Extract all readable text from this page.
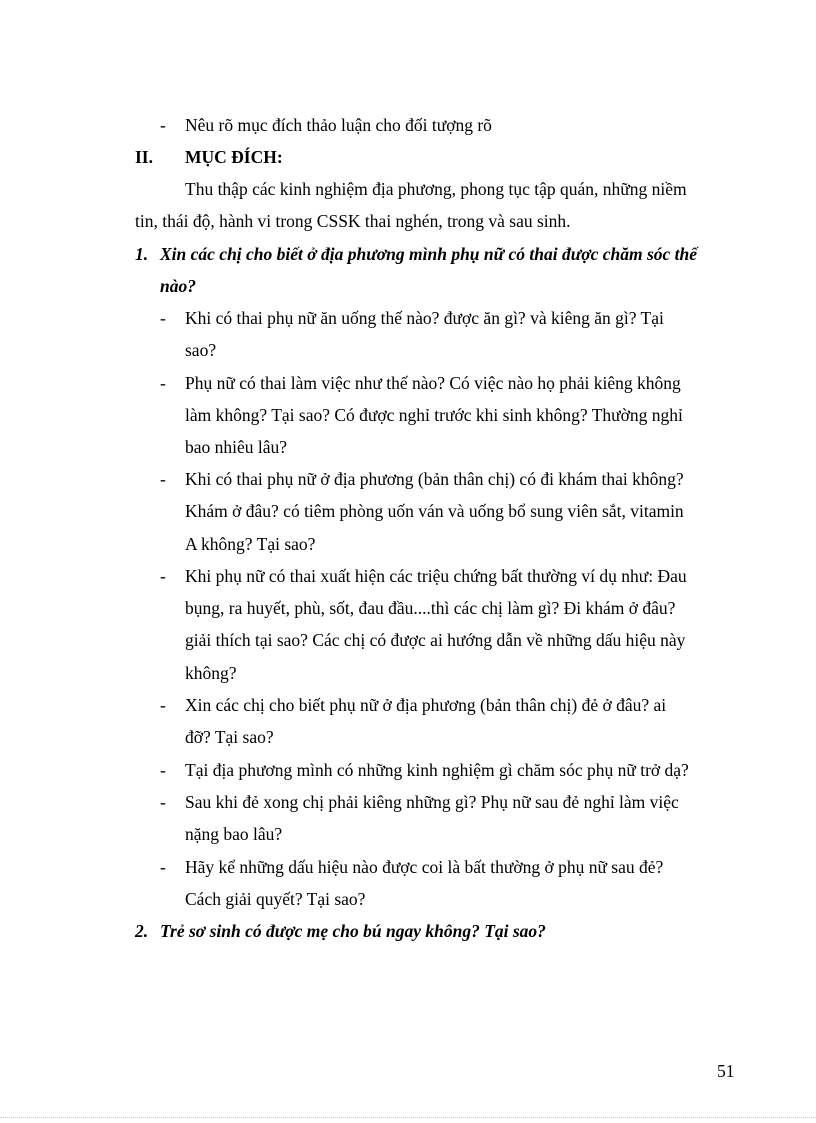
- Nêu rõ mục đích thảo luận cho đối tượng rõ
II. MỤC ĐÍCH:
Thu thập các kinh nghiệm địa phương, phong tục tập quán, những niềm
tin, thái độ, hành vi trong CSSK thai nghén, trong và sau sinh.
1. Xin các chị cho biết ở địa phương mình phụ nữ có thai được chăm sóc thế
nào?
- Khi có thai phụ nữ ăn uống thế nào? được ăn gì? và kiêng ăn gì? Tại
sao?
- Phụ nữ có thai làm việc như thế nào? Có việc nào họ phải kiêng không
làm không? Tại sao? Có được nghỉ trước khi sinh không? Thường nghỉ
bao nhiêu lâu?
- Khi có thai phụ nữ ở địa phương (bản thân chị) có đi khám thai không?
Khám ở đâu? có tiêm phòng uốn ván và uống bổ sung viên sắt, vitamin
A không? Tại sao?
- Khi phụ nữ có thai xuất hiện các triệu chứng bất thường ví dụ như: Đau
bụng, ra huyết, phù, sốt, đau đầu....thì các chị làm gì? Đi khám ở đâu?
giải thích tại sao? Các chị có được ai hướng dẫn về những dấu hiệu này
không?
- Xin các chị cho biết phụ nữ ở địa phương (bản thân chị) đẻ ở đâu? ai
đỡ? Tại sao?
- Tại địa phương mình có những kinh nghiệm gì chăm sóc phụ nữ trở dạ?
- Sau khi đẻ xong chị phải kiêng những gì? Phụ nữ sau đẻ nghỉ làm việc
nặng bao lâu?
- Hãy kể những dấu hiệu nào được coi là bất thường ở phụ nữ sau đẻ?
Cách giải quyết? Tại sao?
2. Trẻ sơ sinh có được mẹ cho bú ngay không? Tại sao?
51
